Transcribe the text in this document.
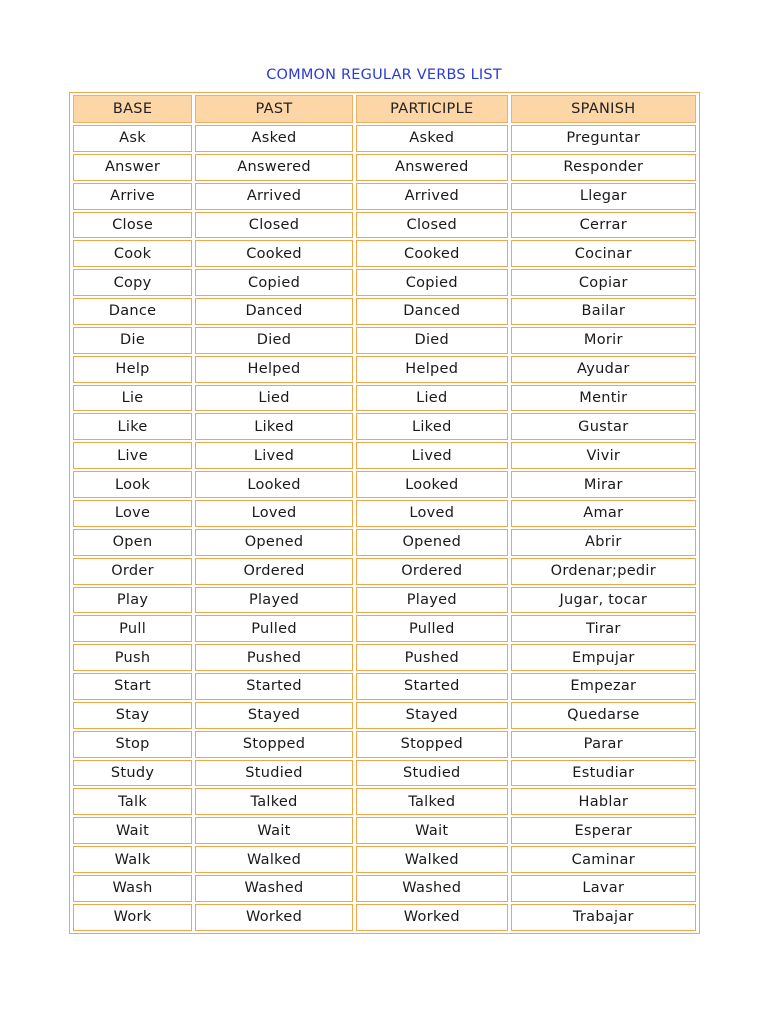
COMMON REGULAR VERBS LIST
BASE	PAST	PARTICIPLE	SPANISH
Ask	Asked	Asked	Preguntar
Answer	Answered	Answered	Responder
Arrive	Arrived	Arrived	Llegar
Close	Closed	Closed	Cerrar
Cook	Cooked	Cooked	Cocinar
Copy	Copied	Copied	Copiar
Dance	Danced	Danced	Bailar
Die	Died	Died	Morir
Help	Helped	Helped	Ayudar
Lie	Lied	Lied	Mentir
Like	Liked	Liked	Gustar
Live	Lived	Lived	Vivir
Look	Looked	Looked	Mirar
Love	Loved	Loved	Amar
Open	Opened	Opened	Abrir
Order	Ordered	Ordered	Ordenar;pedir
Play	Played	Played	Jugar, tocar
Pull	Pulled	Pulled	Tirar
Push	Pushed	Pushed	Empujar
Start	Started	Started	Empezar
Stay	Stayed	Stayed	Quedarse
Stop	Stopped	Stopped	Parar
Study	Studied	Studied	Estudiar
Talk	Talked	Talked	Hablar
Wait	Wait	Wait	Esperar
Walk	Walked	Walked	Caminar
Wash	Washed	Washed	Lavar
Work	Worked	Worked	Trabajar
